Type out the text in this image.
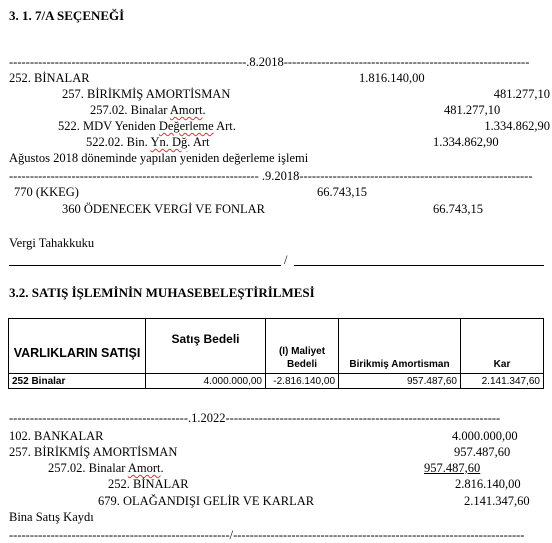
3. 1. 7/A SEÇENEĞİ
---------------------------------------------------------.8.2018-----------------------------------------------------------
252. BİNALAR	1.816.140,00
257. BİRİKMİŞ AMORTİSMAN	481.277,10
257.02. Binalar Amort.	481.277,10
522. MDV Yeniden Değerleme Art.	1.334.862,90
522.02. Bin. Yn. Dğ. Art	1.334.862,90
Ağustos 2018 döneminde yapılan yeniden değerleme işlemi
------------------------------------------------------------ .9.2018--------------------------------------------------------
770 (KKEG)	66.743,15
360 ÖDENECEK VERGİ VE FONLAR	66.743,15
Vergi Tahakkuku
/
3.2. SATIŞ İŞLEMİNİN MUHASEBELEŞTİRİLMESİ
VARLIKLARIN SATIŞI	Satış Bedeli	(I) Maliyet Bedeli	Birikmiş Amortisman	Kar
252 Binalar	4.000.000,00	-2.816.140,00	957.487,60	2.141.347,60
-------------------------------------------.1.2022------------------------------------------------------------------
102. BANKALAR	4.000.000,00
257. BİRİKMİŞ AMORTİSMAN	957.487,60
257.02. Binalar Amort.	957.487,60
252. BİNALAR	2.816.140,00
679. OLAĞANDIŞI GELİR VE KARLAR	2.141.347,60
Bina Satış Kaydı
-----------------------------------------------------/----------------------------------------------------------------------
